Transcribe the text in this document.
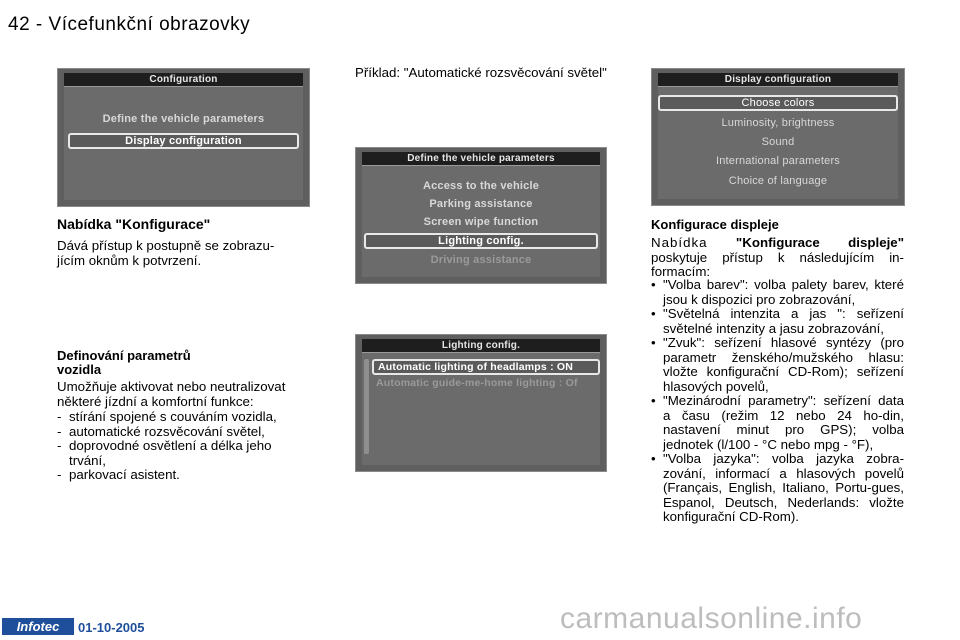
42 - Vícefunkční obrazovky
Configuration
Define the vehicle parameters
Display configuration
Nabídka "Konfigurace"
Dává přístup k postupně se zobrazu-
jícím oknům k potvrzení.
Definování parametrů
vozidla
Umožňuje aktivovat nebo neutralizovat některé jízdní a komfortní funkce:
- stírání spojené s couváním vozidla,
- automatické rozsvěcování světel,
- doprovodné osvětlení a délka jeho trvání,
- parkovací asistent.
Příklad: "Automatické rozsvěcování světel"
Define the vehicle parameters
Access to the vehicle
Parking assistance
Screen wipe function
Lighting config.
Driving assistance
Lighting config.
Automatic lighting of headlamps : ON
Automatic guide-me-home lighting : Of
Display configuration
Choose colors
Luminosity, brightness
Sound
International parameters
Choice of language
Konfigurace displeje
Nabídka "Konfigurace displeje" poskytuje přístup k následujícím in-formacím:
• "Volba barev": volba palety barev, které jsou k dispozici pro zobrazování,
• "Světelná intenzita a jas ": seřízení světelné intenzity a jasu zobrazování,
• "Zvuk": seřízení hlasové syntézy (pro parametr ženského/mužského hlasu: vložte konfigurační CD-Rom); seřízení hlasových povelů,
• "Mezinárodní parametry": seřízení data a času (režim 12 nebo 24 ho-din, nastavení minut pro GPS); volba jednotek (l/100 - °C nebo mpg - °F),
• "Volba jazyka": volba jazyka zobra-zování, informací a hlasových povelů (Français, English, Italiano, Portu-gues, Espanol, Deutsch, Nederlands: vložte konfigurační CD-Rom).
Infotec	01-10-2005	carmanualsonline.info
